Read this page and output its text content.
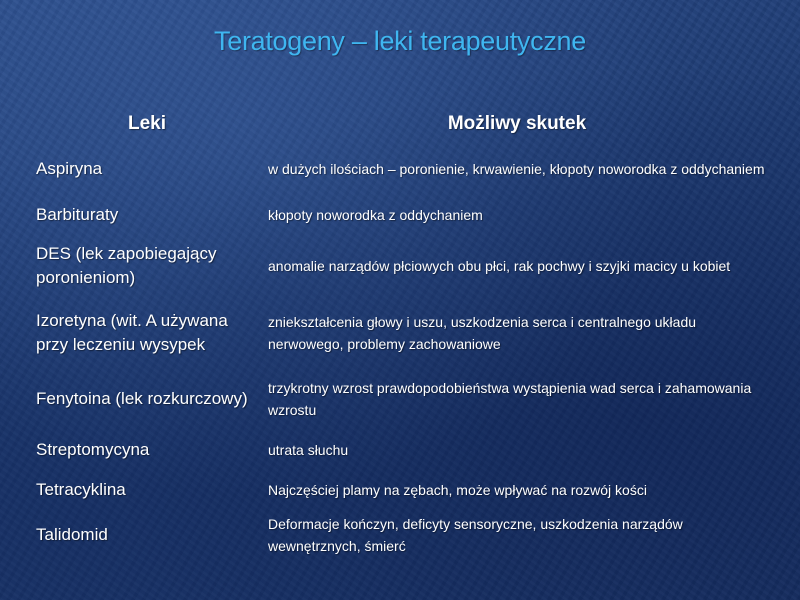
Teratogeny – leki terapeutyczne
Leki	Możliwy skutek
Aspiryna	w dużych ilościach – poronienie, krwawienie, kłopoty noworodka z oddychaniem
Barbituraty	kłopoty noworodka z oddychaniem
DES (lek zapobiegający poronieniom)	anomalie narządów płciowych obu płci, rak pochwy i szyjki macicy u kobiet
Izoretyna (wit. A używana przy leczeniu wysypek	zniekształcenia głowy i uszu, uszkodzenia serca i centralnego układu nerwowego, problemy zachowaniowe
Fenytoina (lek rozkurczowy)	trzykrotny wzrost prawdopodobieństwa wystąpienia wad serca i zahamowania wzrostu
Streptomycyna	utrata słuchu
Tetracyklina	Najczęściej plamy na zębach, może wpływać na rozwój kości
Talidomid	Deformacje kończyn, deficyty sensoryczne, uszkodzenia narządów wewnętrznych, śmierć
